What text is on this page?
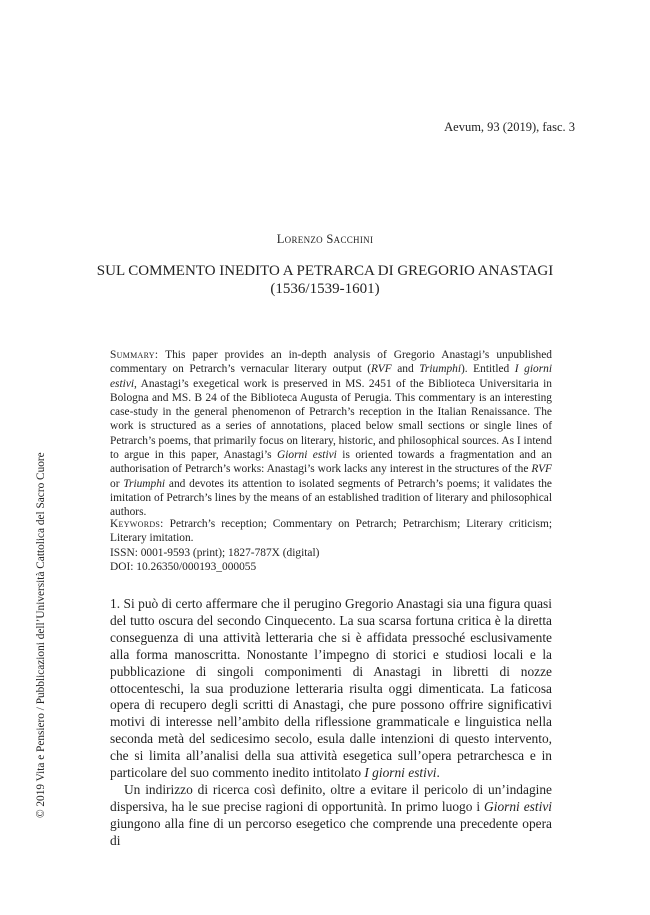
Aevum, 93 (2019), fasc. 3
Lorenzo Sacchini
SUL COMMENTO INEDITO A PETRARCA DI GREGORIO ANASTAGI
(1536/1539-1601)
Summary: This paper provides an in-depth analysis of Gregorio Anastagi’s unpublished commentary on Petrarch’s vernacular literary output (RVF and Triumphi). Entitled I giorni estivi, Anastagi’s exegetical work is preserved in MS. 2451 of the Biblioteca Universitaria in Bologna and MS. B 24 of the Biblioteca Augusta of Perugia. This commentary is an interesting case-study in the general phenomenon of Petrarch’s reception in the Italian Renaissance. The work is structured as a series of annotations, placed below small sections or single lines of Petrarch’s poems, that primarily focus on literary, historic, and philosophical sources. As I intend to argue in this paper, Anastagi’s Giorni estivi is oriented towards a fragmentation and an authorisation of Petrarch’s works: Anastagi’s work lacks any interest in the structures of the RVF or Triumphi and devotes its attention to isolated segments of Petrarch’s poems; it validates the imitation of Petrarch’s lines by the means of an established tradition of literary and philosophical authors.
Keywords: Petrarch’s reception; Commentary on Petrarch; Petrarchism; Literary criticism; Literary imitation.
ISSN: 0001-9593 (print); 1827-787X (digital)
DOI: 10.26350/000193_000055

1. Si può di certo affermare che il perugino Gregorio Anastagi sia una figura quasi del tutto oscura del secondo Cinquecento. La sua scarsa fortuna critica è la diretta conseguenza di una attività letteraria che si è affidata pressoché esclusivamente alla forma manoscritta. Nonostante l’impegno di storici e studiosi locali e la pubblicazione di singoli componimenti di Anastagi in libretti di nozze ottocenteschi, la sua produzione letteraria risulta oggi dimenticata. La faticosa opera di recupero degli scritti di Anastagi, che pure possono offrire significativi motivi di interesse nell’ambito della riflessione grammaticale e linguistica nella seconda metà del sedicesimo secolo, esula dalle intenzioni di questo intervento, che si limita all’analisi della sua attività esegetica sull’opera petrarchesca e in particolare del suo commento inedito intitolato I giorni estivi.

Un indirizzo di ricerca così definito, oltre a evitare il pericolo di un’indagine dispersiva, ha le sue precise ragioni di opportunità. In primo luogo i Giorni estivi giungono alla fine di un percorso esegetico che comprende una precedente opera di

© 2019 Vita e Pensiero / Pubblicazioni dell’Università Cattolica del Sacro Cuore
